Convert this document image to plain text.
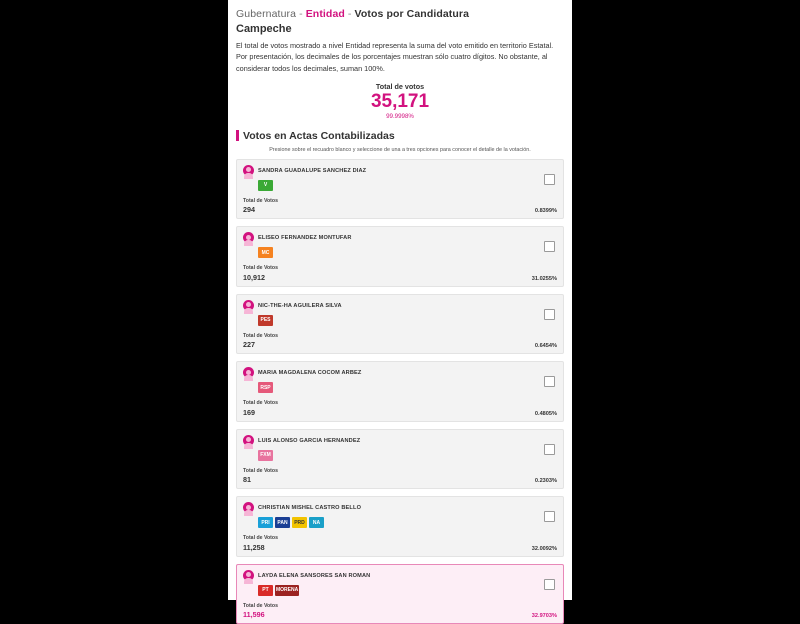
Gubernatura - Entidad - Votos por Candidatura
Campeche
El total de votos mostrado a nivel Entidad representa la suma del voto emitido en territorio Estatal. Por presentación, los decimales de los porcentajes muestran sólo cuatro dígitos. No obstante, al considerar todos los decimales, suman 100%.
Total de votos
35,171
99.9998%
Votos en Actas Contabilizadas
Presione sobre el recuadro blanco y seleccione de una a tres opciones para conocer el detalle de la votación.
SANDRA GUADALUPE SANCHEZ DIAZ
V
Total de Votos
294	0.8399%
ELISEO FERNANDEZ MONTUFAR
MC
Total de Votos
10,912	31.0255%
NIC-THE-HA AGUILERA SILVA
PES
Total de Votos
227	0.6454%
MARIA MAGDALENA COCOM ARBEZ
RSP
Total de Votos
169	0.4805%
LUIS ALONSO GARCIA HERNANDEZ
FXM
Total de Votos
81	0.2303%
CHRISTIAN MISHEL CASTRO BELLO
PRI	PAN	PRD	NA
Total de Votos
11,258	32.0092%
LAYDA ELENA SANSORES SAN ROMAN
PT	MORENA
Total de Votos
11,596	32.9703%
